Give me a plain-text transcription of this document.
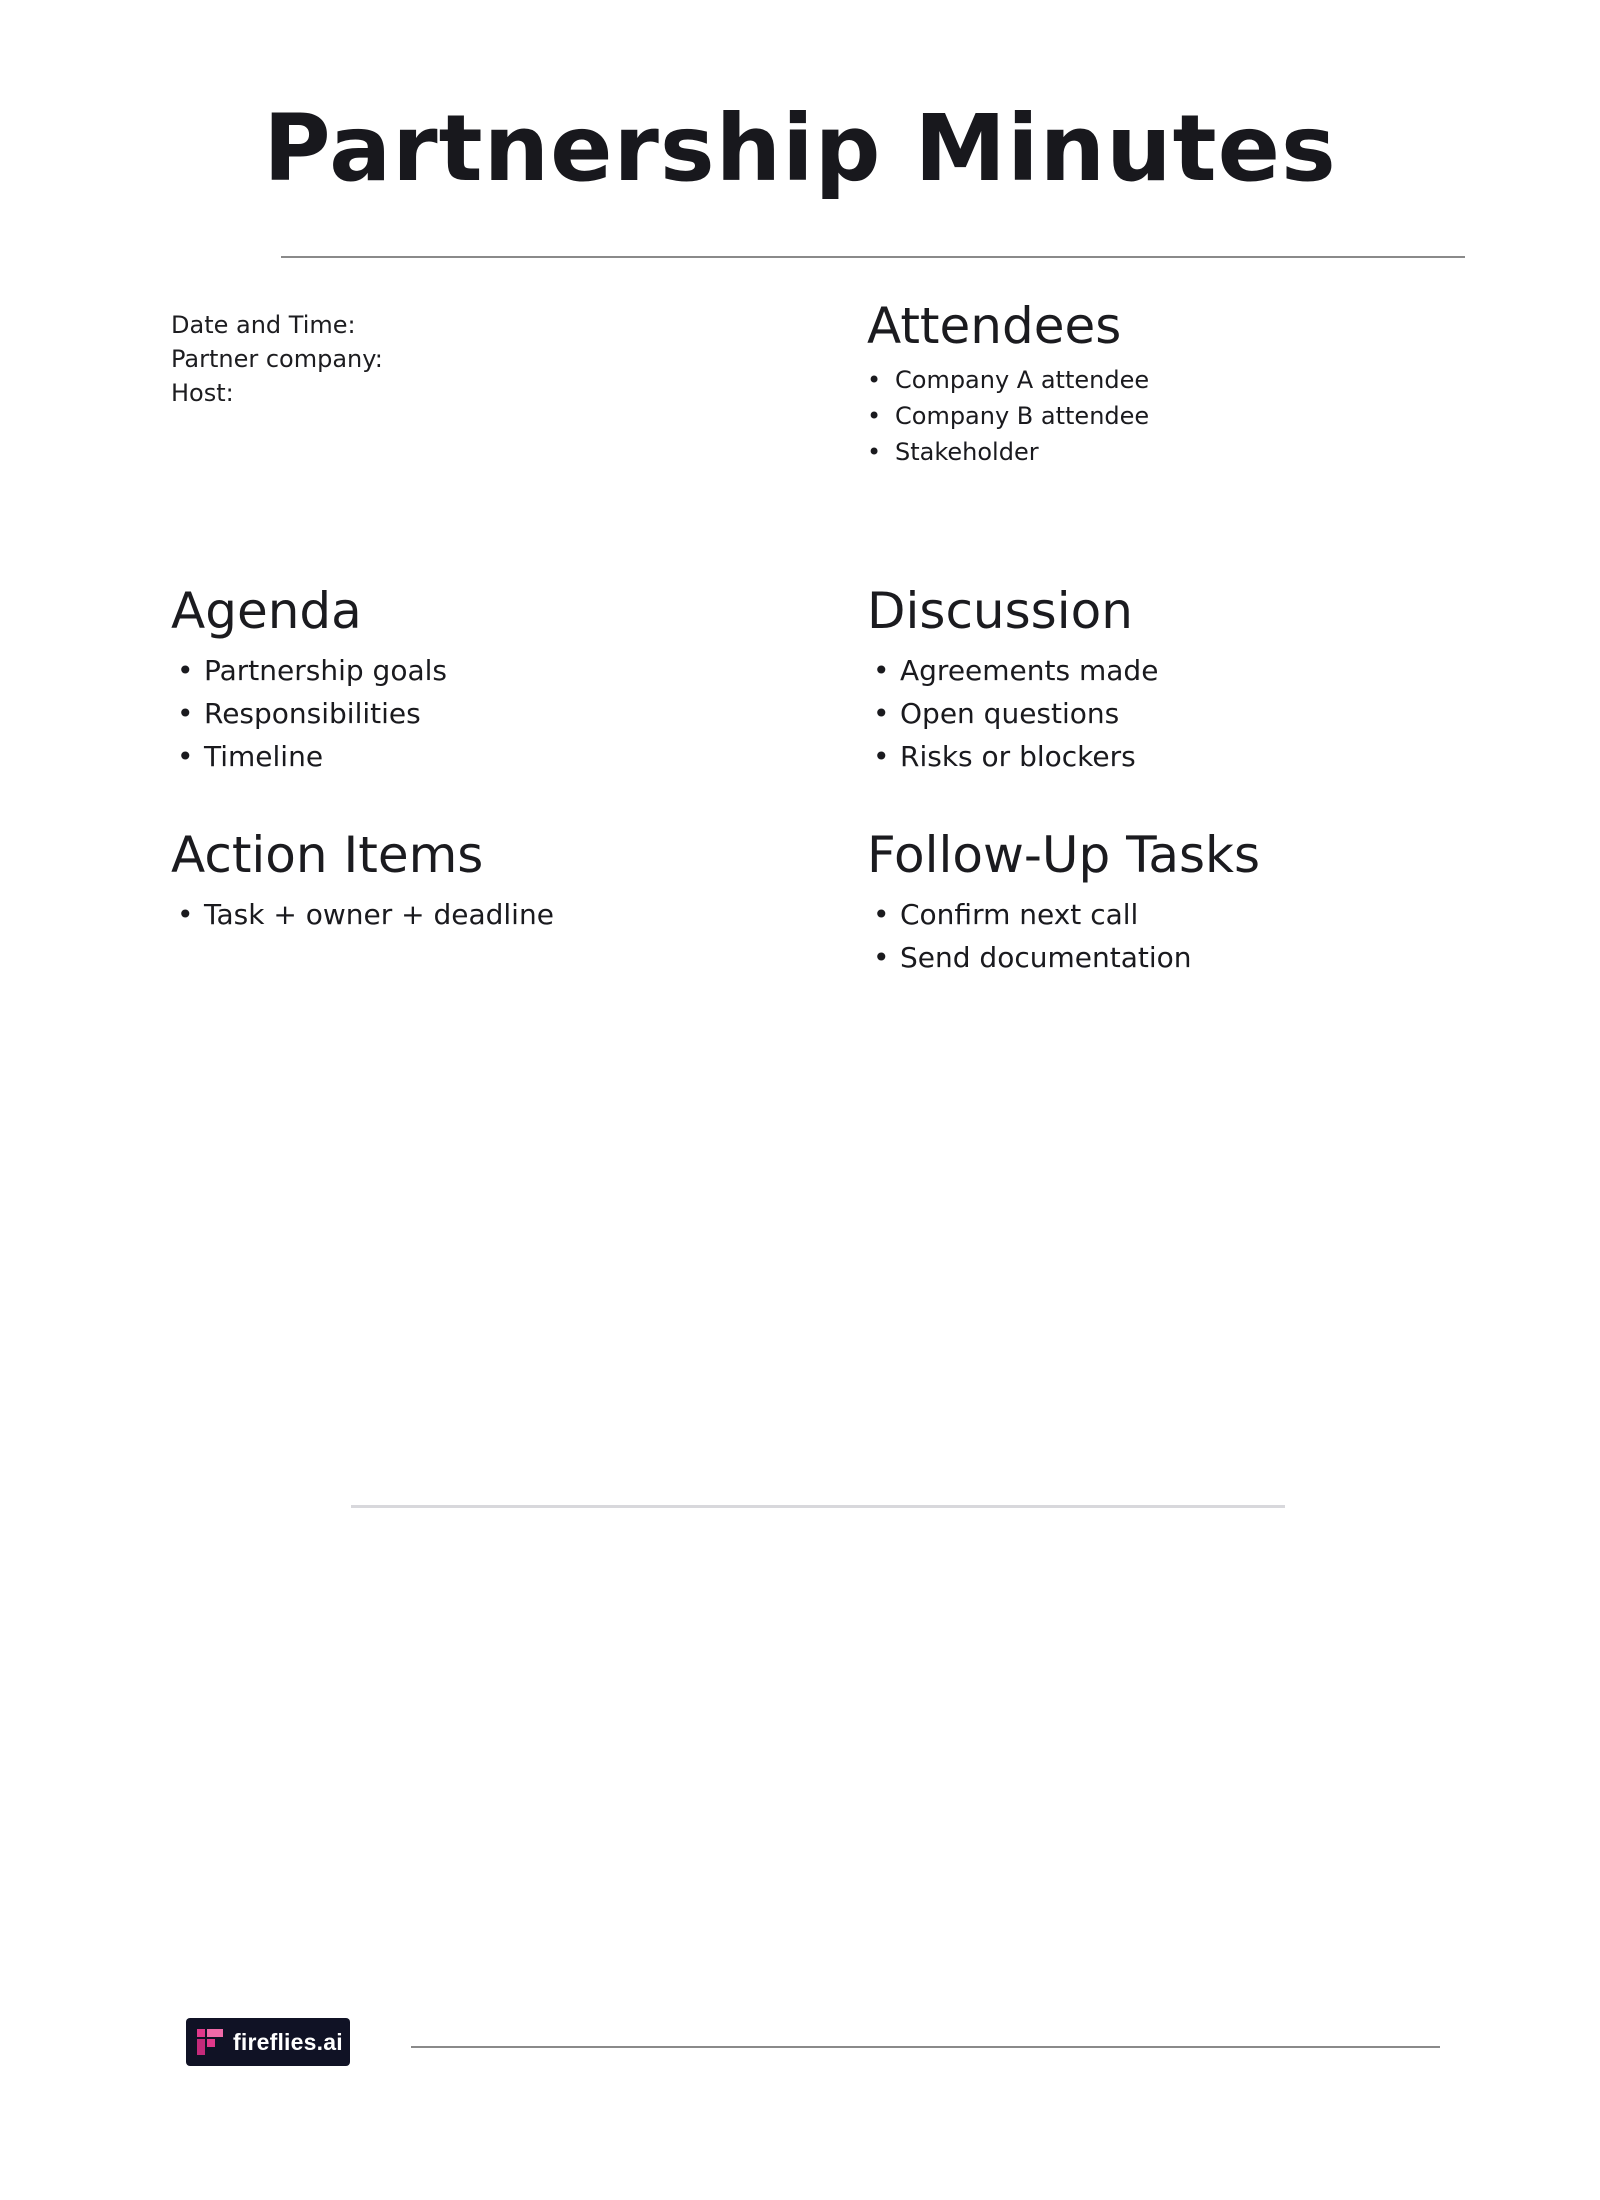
Partnership Minutes
Date and Time:
Partner company:
Host:
Attendees
• Company A attendee
• Company B attendee
• Stakeholder
Agenda
• Partnership goals
• Responsibilities
• Timeline
Discussion
• Agreements made
• Open questions
• Risks or blockers
Action Items
• Task + owner + deadline
Follow-Up Tasks
• Confirm next call
• Send documentation
fireflies.ai
